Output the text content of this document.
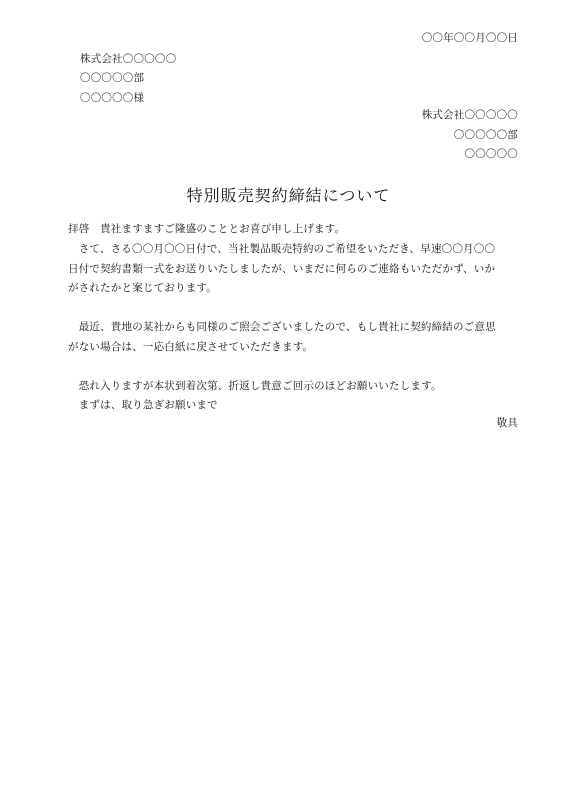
〇〇年〇〇月〇〇日
株式会社〇〇〇〇〇
〇〇〇〇〇部
〇〇〇〇〇様
株式会社〇〇〇〇〇
〇〇〇〇〇部
〇〇〇〇〇
特別販売契約締結について
拝啓　貴社ますますご隆盛のこととお喜び申し上げます。
　さて、さる〇〇月〇〇日付で、当社製品販売特約のご希望をいただき、早速〇〇月〇〇
日付で契約書類一式をお送りいたしましたが、いまだに何らのご連絡もいただかず、いか
がされたかと案じております。
　最近、貴地の某社からも同様のご照会ございましたので、もし貴社に契約締結のご意思
がない場合は、一応白紙に戻させていただきます。
　恐れ入りますが本状到着次第、折返し貴意ご回示のほどお願いいたします。
　まずは、取り急ぎお願いまで
敬具
